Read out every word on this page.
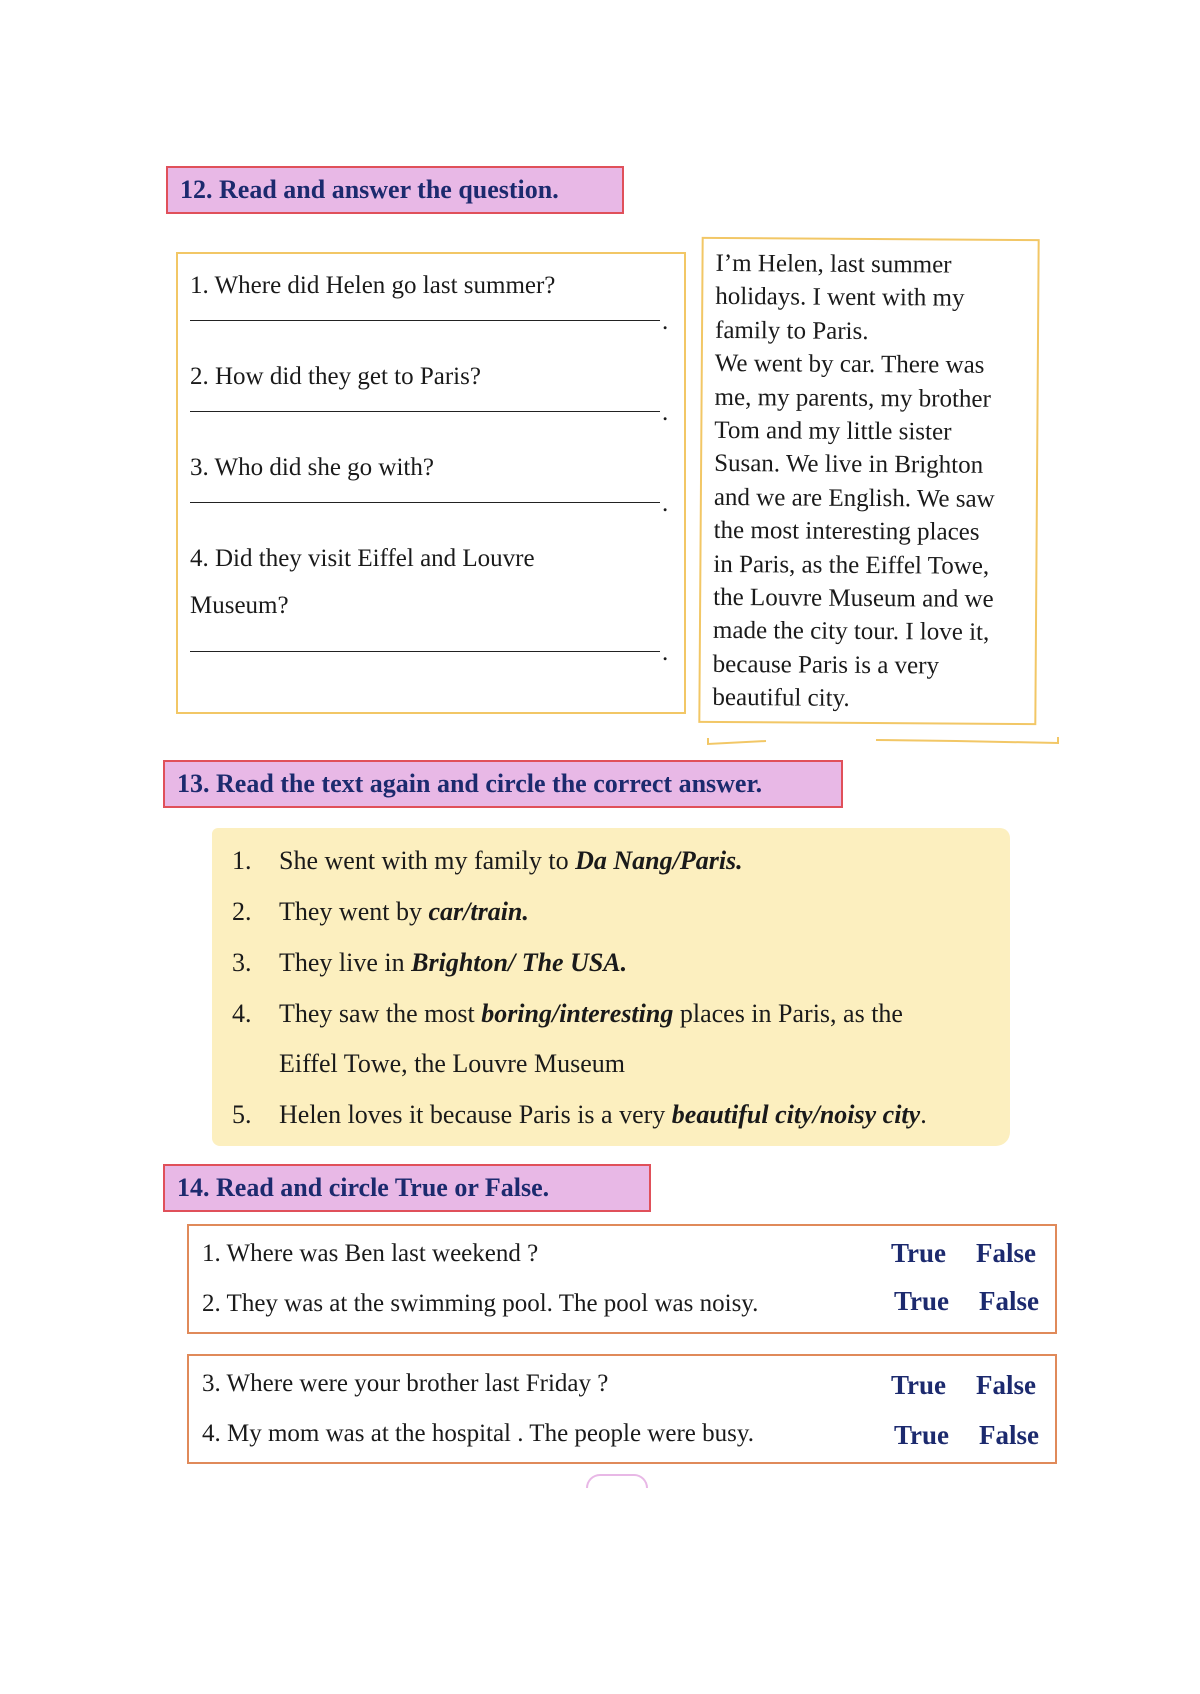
12. Read and answer the question.
1. Where did Helen go last summer?
.
2. How did they get to Paris?
.
3. Who did she go with?
.
4. Did they visit Eiffel and Louvre
Museum?
.
I’m Helen, last summer
holidays. I went with my
family to Paris.
We went by car. There was
me, my parents, my brother
Tom and my little sister
Susan. We live in Brighton
and we are English. We saw
the most interesting places
in Paris, as the Eiffel Towe,
the Louvre Museum and we
made the city tour. I love it,
because Paris is a very
beautiful city.
13. Read the text again and circle the correct answer.
1. She went with my family to Da Nang/Paris.
2. They went by car/train.
3. They live in Brighton/ The USA.
4. They saw the most boring/interesting places in Paris, as the
Eiffel Towe, the Louvre Museum
5. Helen loves it because Paris is a very beautiful city/noisy city.
14. Read and circle True or False.
1. Where was Ben last weekend ?	True False
2. They was at the swimming pool. The pool was noisy.	True False
3. Where were your brother last Friday ?	True False
4. My mom was at the hospital . The people were busy.	True False
